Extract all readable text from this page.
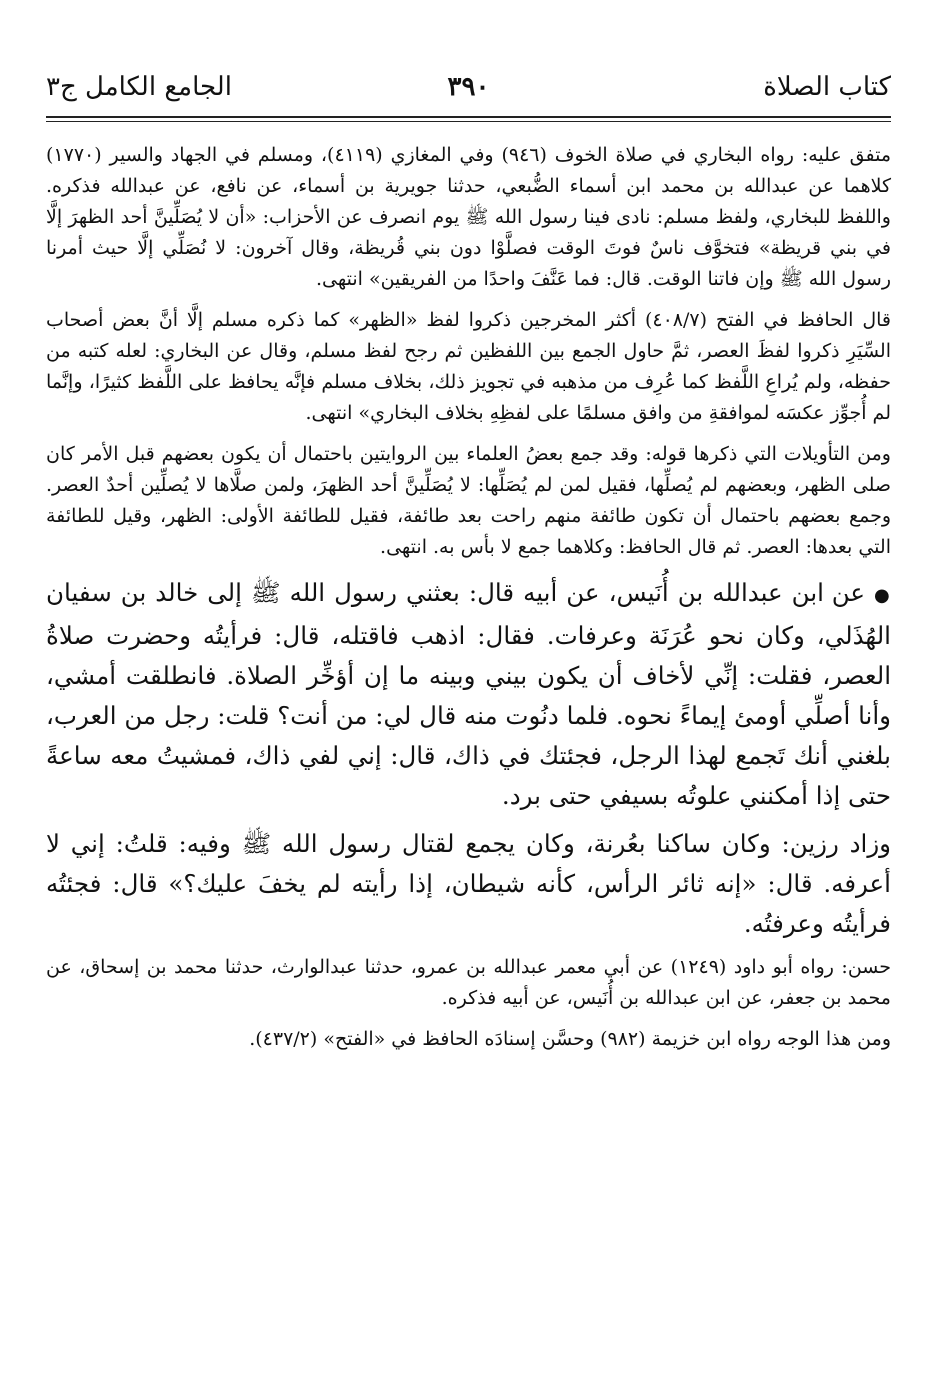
كتاب الصلاة
٣٩٠
الجامع الكامل ج٣

متفق عليه: رواه البخاري في صلاة الخوف (٩٤٦) وفي المغازي (٤١١٩)، ومسلم في الجهاد والسير (١٧٧٠) كلاهما عن عبدالله بن محمد ابن أسماء الضُّبعي، حدثنا جويرية بن أسماء، عن نافع، عن عبدالله فذكره. واللفظ للبخاري، ولفظ مسلم: نادى فينا رسول الله ﷺ يوم انصرف عن الأحزاب: «أن لا يُصَلِّينَّ أحد الظهرَ إلَّا في بني قريظة» فتخوَّف ناسٌ فوتَ الوقت فصلَّوْا دون بني قُريظة، وقال آخرون: لا نُصَلِّي إلَّا حيث أمرنا رسول الله ﷺ وإن فاتنا الوقت. قال: فما عَنَّفَ واحدًا من الفريقين» انتهى.

قال الحافظ في الفتح (٤٠٨/٧) أكثر المخرجين ذكروا لفظ «الظهر» كما ذكره مسلم إلَّا أنَّ بعض أصحاب السِّيَرِ ذكروا لفظَ العصر، ثمَّ حاول الجمع بين اللفظين ثم رجح لفظ مسلم، وقال عن البخاري: لعله كتبه من حفظه، ولم يُراعِ اللَّفظ كما عُرِف من مذهبه في تجويز ذلك، بخلاف مسلم فإنَّه يحافظ على اللَّفظ كثيرًا، وإنَّما لم أُجوِّز عكسَه لموافقةِ من وافق مسلمًا على لفظِهِ بخلاف البخاري» انتهى.

ومن التأويلات التي ذكرها قوله: وقد جمع بعضُ العلماء بين الروايتين باحتمال أن يكون بعضهم قبل الأمر كان صلى الظهر، وبعضهم لم يُصلِّها، فقيل لمن لم يُصَلِّها: لا يُصَلِّينَّ أحد الظهرَ، ولمن صلَّاها لا يُصلِّين أحدٌ العصر. وجمع بعضهم باحتمال أن تكون طائفة منهم راحت بعد طائفة، فقيل للطائفة الأولى: الظهر، وقيل للطائفة التي بعدها: العصر. ثم قال الحافظ: وكلاهما جمع لا بأس به. انتهى.

● عن ابن عبدالله بن أُنَيس، عن أبيه قال: بعثني رسول الله ﷺ إلى خالد بن سفيان الهُذَلي، وكان نحو عُرَنَة وعرفات. فقال: اذهب فاقتله، قال: فرأيتُه وحضرت صلاةُ العصر، فقلت: إنِّي لأخاف أن يكون بيني وبينه ما إن أؤخِّر الصلاة. فانطلقت أمشي، وأنا أصلِّي أومئ إيماءً نحوه. فلما دنُوت منه قال لي: من أنت؟ قلت: رجل من العرب، بلغني أنك تَجمع لهذا الرجل، فجئتك في ذاك، قال: إني لفي ذاك، فمشيتُ معه ساعةً حتى إذا أمكنني علوتُه بسيفي حتى برد.

وزاد رزين: وكان ساكنا بعُرنة، وكان يجمع لقتال رسول الله ﷺ وفيه: قلتُ: إني لا أعرفه. قال: «إنه ثائر الرأس، كأنه شيطان، إذا رأيته لم يخفَ عليك؟» قال: فجئتُه فرأيتُه وعرفتُه.

حسن: رواه أبو داود (١٢٤٩) عن أبي معمر عبدالله بن عمرو، حدثنا عبدالوارث، حدثنا محمد بن إسحاق، عن محمد بن جعفر، عن ابن عبدالله بن أُنَيس، عن أبيه فذكره.

ومن هذا الوجه رواه ابن خزيمة (٩٨٢) وحسَّن إسنادَه الحافظ في «الفتح» (٤٣٧/٢).
